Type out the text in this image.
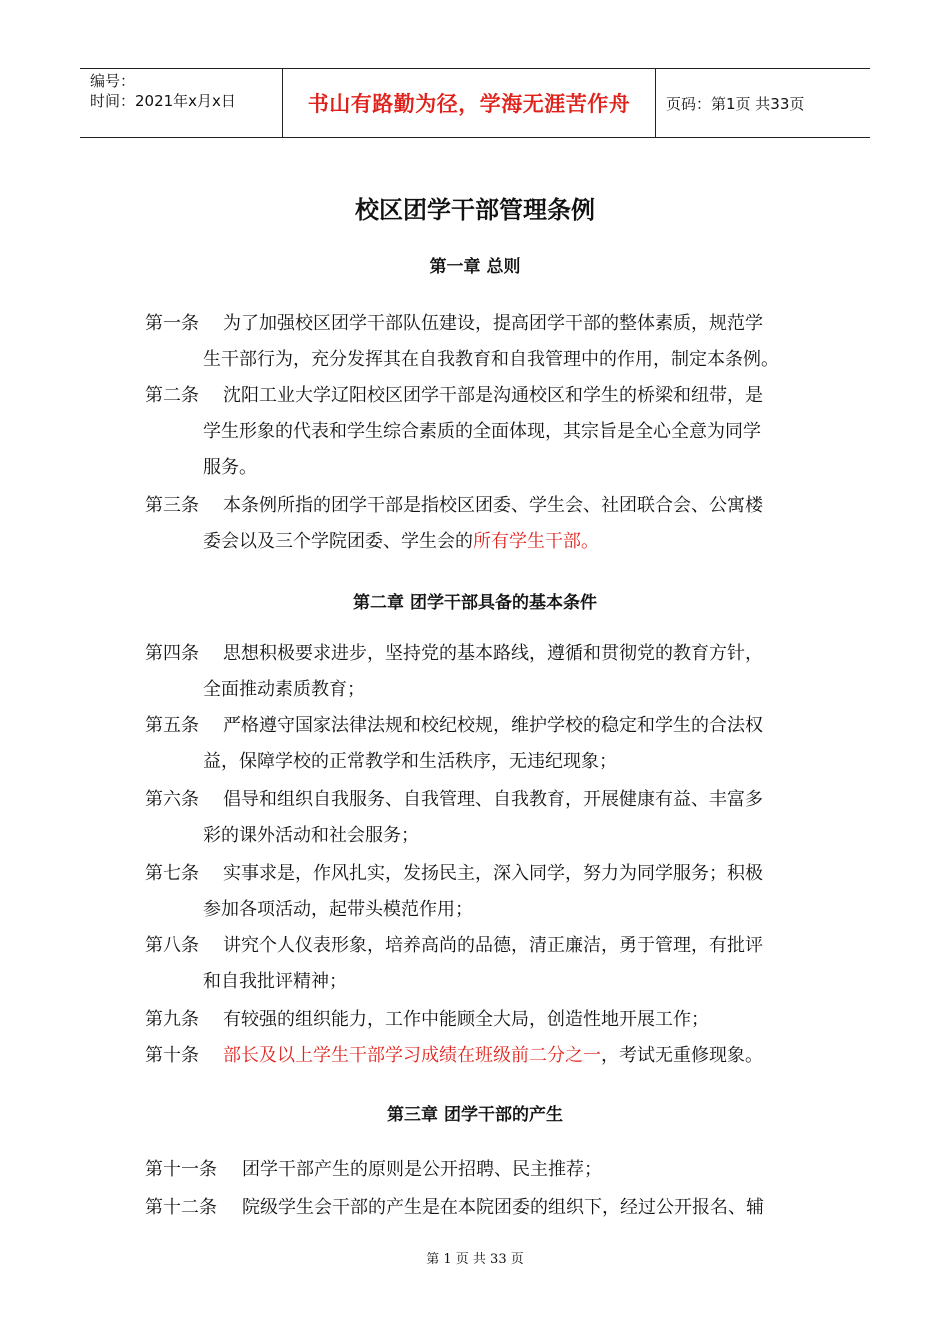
编号：
时间：2021年x月x日	书山有路勤为径，学海无涯苦作舟 页码：第1页 共33页
校区团学干部管理条例
第一章 总则
第一条 为了加强校区团学干部队伍建设，提高团学干部的整体素质，规范学
生干部行为，充分发挥其在自我教育和自我管理中的作用，制定本条例。
第二条 沈阳工业大学辽阳校区团学干部是沟通校区和学生的桥梁和纽带，是
学生形象的代表和学生综合素质的全面体现，其宗旨是全心全意为同学
服务。
第三条 本条例所指的团学干部是指校区团委、学生会、社团联合会、公寓楼
委会以及三个学院团委、学生会的所有学生干部。
第二章 团学干部具备的基本条件
第四条 思想积极要求进步，坚持党的基本路线，遵循和贯彻党的教育方针，
全面推动素质教育；
第五条 严格遵守国家法律法规和校纪校规，维护学校的稳定和学生的合法权
益，保障学校的正常教学和生活秩序，无违纪现象；
第六条 倡导和组织自我服务、自我管理、自我教育，开展健康有益、丰富多
彩的课外活动和社会服务；
第七条 实事求是，作风扎实，发扬民主，深入同学，努力为同学服务；积极
参加各项活动，起带头模范作用；
第八条 讲究个人仪表形象，培养高尚的品德，清正廉洁，勇于管理，有批评
和自我批评精神；
第九条 有较强的组织能力，工作中能顾全大局，创造性地开展工作；
第十条 部长及以上学生干部学习成绩在班级前二分之一，考试无重修现象。
第三章 团学干部的产生
第十一条 团学干部产生的原则是公开招聘、民主推荐；
第十二条 院级学生会干部的产生是在本院团委的组织下，经过公开报名、辅
第 1 页 共 33 页
